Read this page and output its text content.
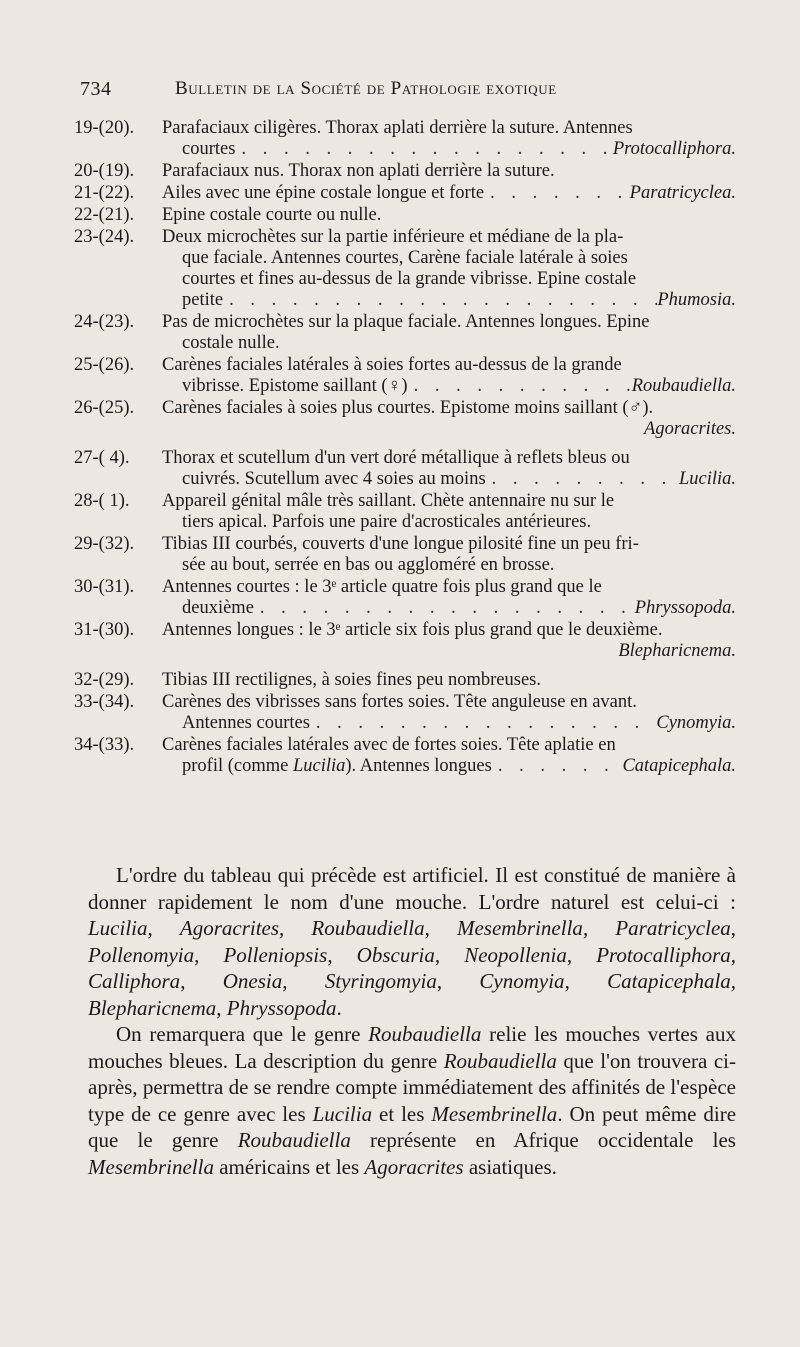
734	Bulletin de la Société de Pathologie exotique
19-(20).	Parafaciaux ciligères. Thorax aplati derrière la suture. Antennes
courtes . . .	Protocalliphora.
20-(19).	Parafaciaux nus. Thorax non aplati derrière la suture.
21-(22).	Ailes avec une épine costale longue et forte . . .	Paratricyclea.
22-(21).	Epine costale courte ou nulle.
23-(24).	Deux microchètes sur la partie inférieure et médiane de la pla-
que faciale. Antennes courtes, Carène faciale latérale à soies
courtes et fines au-dessus de la grande vibrisse. Epine costale
petite . . .	Phumosia.
24-(23).	Pas de microchètes sur la plaque faciale. Antennes longues. Epine
costale nulle.
25-(26).	Carènes faciales latérales à soies fortes au-dessus de la grande
vibrisse. Epistome saillant (♀) . . .	Roubaudiella.
26-(25).	Carènes faciales à soies plus courtes. Epistome moins saillant (♂).
Agoracrites.
27-( 4).	Thorax et scutellum d'un vert doré métallique à reflets bleus ou
cuivrés. Scutellum avec 4 soies au moins . . .	Lucilia.
28-( 1).	Appareil génital mâle très saillant. Chète antennaire nu sur le
tiers apical. Parfois une paire d'acrosticales antérieures.
29-(32).	Tibias III courbés, couverts d'une longue pilosité fine un peu fri-
sée au bout, serrée en bas ou aggloméré en brosse.
30-(31).	Antennes courtes : le 3ᵉ article quatre fois plus grand que le
deuxième . . .	Phryssopoda.
31-(30).	Antennes longues : le 3ᵉ article six fois plus grand que le deuxième.
Blepharicnema.
32-(29).	Tibias III rectilignes, à soies fines peu nombreuses.
33-(34).	Carènes des vibrisses sans fortes soies. Tête anguleuse en avant.
Antennes courtes . . .	Cynomyia.
34-(33).	Carènes faciales latérales avec de fortes soies. Tête aplatie en
profil (comme Lucilia). Antennes longues . . .	Catapicephala.

L'ordre du tableau qui précède est artificiel. Il est constitué de manière à donner rapidement le nom d'une mouche. L'ordre naturel est celui-ci : Lucilia, Agoracrites, Roubaudiella, Mesembrinella, Paratricyclea, Pollenomyia, Polleniopsis, Obscuria, Neopollenia, Protocalliphora, Calliphora, Onesia, Styringomyia, Cynomyia, Catapicephala, Blepharicnema, Phryssopoda.

On remarquera que le genre Roubaudiella relie les mouches vertes aux mouches bleues. La description du genre Roubaudiella que l'on trouvera ci-après, permettra de se rendre compte immédiatement des affinités de l'espèce type de ce genre avec les Lucilia et les Mesembrinella. On peut même dire que le genre Roubaudiella représente en Afrique occidentale les Mesembrinella américains et les Agoracrites asiatiques.
